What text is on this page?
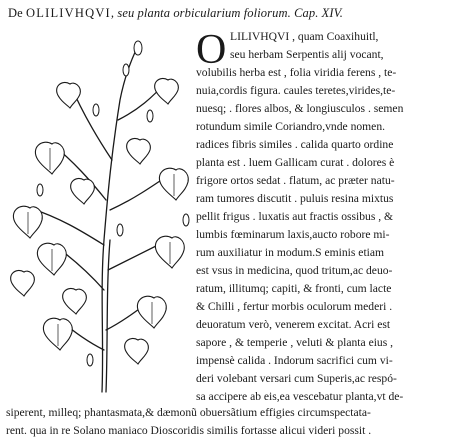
De OLILIVHQVI, seu planta orbicularium foliorum. Cap. XIV.
O LILIVHQVI , quam Coaxihuitl,
seu herbam Serpentis alij vocant,
volubilis herba est , folia viridia ferens , te-
nuia,cordis figura. caules teretes,virides,te-
nuesq; . flores albos, & longiusculos . semen
rotundum simile Coriandro,vnde nomen.
radices fibris similes . calida quarto ordine
planta est . luem Gallicam curat . dolores è
frigore ortos sedat . flatum, ac præter natu-
ram tumores discutit . puluis resina mixtus
pellit frigus . luxatis aut fractis ossibus , &
lumbis fœminarum laxis,aucto robore mi-
rum auxiliatur in modum.S eminis etiam
est vsus in medicina, quod tritum,ac deuo-
ratum, illitumq; capiti, & fronti, cum lacte
& Chilli , fertur morbis oculorum mederi .
deuoratum verò, venerem excitat. Acri est
sapore , & temperie , veluti & planta eius ,
impensè calida . Indorum sacrifici cum vi-
deri volebant versari cum Superis,ac respó-
sa accipere ab eis,ea vescebatur planta,vt de-
siperent, milleq; phantasmata,& dæmonũ obuersãtium effigies circumspectata-
rent. qua in re Solano maniaco Dioscoridis similis fortasse alicui videri possit .
